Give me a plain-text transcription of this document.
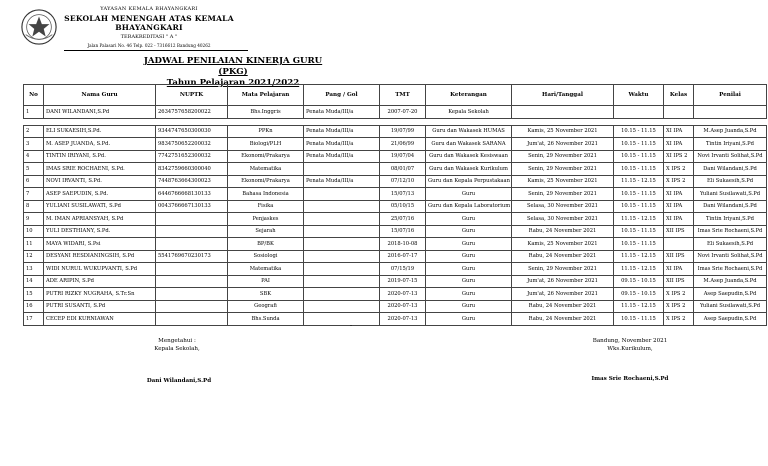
YAYASAN KEMALA BHAYANGKARI
SEKOLAH MENENGAH ATAS KEMALA BHAYANGKARI
TERAKREDITASI " A "
Jalan Palasari No. 46 Telp. 022 - 7316612 Bandung 40262
JADWAL PENILAIAN KINERJA GURU (PKG)
Tahun Pelajaran 2021/2022
No	Nama Guru	NUPTK	Mata Pelajaran	Pang / Gol	TMT	Keterangan	Hari/Tanggal	Waktu	Kelas	Penilai
1	DANI WILANDANI,S.Pd	2634757658200022	Bhs.Inggris	Penata Muda/III/a	2007-07-20	Kepala Sekolah				

2	ELI SUKAESIH,S.Pd.	9344747650300030	PPKn	Penata Muda/III/a	19/07/99	Guru dan Wakasek HUMAS	Kamis, 25 November 2021	10.15 - 11.15	XI IPA	M.Asep Juanda,S.Pd
3	M. ASEP JUANDA, S.Pd.	9834750652200032	Biologi/PLH	Penata Muda/III/a	21/06/99	Guru dan Wakasek SARANA	Jum'at, 26 November 2021	10.15 - 11.15	XI IPA	Tintin Iriyani,S.Pd
4	TINTIN IRIYANI, S.Pd.	7742751652300032	Ekonomi/Prakarya	Penata Muda/III/a	19/07/04	Guru dan Wakasek Kesiswaan	Senin, 29 November 2021	10.15 - 11.15	XI IPS 2	Novi Irvanti Solihat,S.Pd
5	IMAS SRIE ROCHAENI, S.Pd.	8342759660300040	Matematika		08/01/07	Guru dan Wakasek Kurikulum	Senin, 29 November 2021	10.15 - 11.15	X IPS 2	Dani Wilandani,S.Pd
6	NOVI IRVANTI, S.Pd.	7448763664300023	Ekonomi/Prakarya	Penata Muda/III/a	07/12/10	Guru dan Kepala Perpustakaan	Kamis, 25 November 2021	11.15 - 12.15	X IPS 2	Eli Sukaesih,S.Pd
7	ASEP SAEPUDIN, S.Pd.	6446766668130133	Bahasa Indonesia		15/07/13	Guru	Senin, 29 November 2021	10.15 - 11.15	XI IPA	Yuliani Susilawati,S.Pd
8	YULIANI SUSILAWATI, S.Pd	0043766667130133	Fisika		05/10/15	Guru dan Kepala Laboratorium	Selasa, 30 November 2021	10.15 - 11.15	XI IPA	Dani Wilandani,S.Pd
9	M. IMAN APRIANSYAH, S.Pd		Penjaskes		25/07/16	Guru	Selasa, 30 November 2021	11.15 - 12.15	XI IPA	Tintin Iriyani,S.Pd
10	YULI DESTHIANY, S.Pd.		Sejarah		15/07/16	Guru	Rabu, 24 November 2021	10.15 - 11.15	XII IPS	Imas Srie Rochaeni,S.Pd
11	MAYA WIDARI, S.Psi		BP/BK		2018-10-08	Guru	Kamis, 25 November 2021	10.15 - 11.15		Eli Sukaesih,S.Pd
12	DESYANI RESDIANINGSIH, S.Pd	5541769670230173	Sosiologi		2016-07-17	Guru	Rabu, 24 November 2021	11.15 - 12.15	XII IPS	Novi Irvanti Solihat,S.Pd
13	WIDI NURUL WUKUPVANTI, S.Pd		Matematika		07/15/19	Guru	Senin, 29 November 2021	11.15 - 12.15	XI IPA	Imas Srie Rochaeni,S.Pd
14	ADE ARIPIN, S.Pd		PAI		2019-07-15	Guru	Jum'at, 26 November 2021	09.15 - 10.15	XII IPS	M.Asep Juanda,S.Pd
15	PUTRI RIZKY NUGRAHA, S.Tr.Sn		SBK		2020-07-13	Guru	Jum'at, 26 November 2021	09.15 - 10.15	X IPS 2	Asep Saepudin,S.Pd
16	PUTRI SUSANTI, S.Pd		Geografi		2020-07-13	Guru	Rabu, 24 November 2021	11.15 - 12.15	X IPS 2	Yuliani Susilawati,S.Pd
17	CECEP EDI KURNIAWAN		Bhs.Sunda		2020-07-13	Guru	Rabu, 24 November 2021	10.15 - 11.15	X IPS 2	Asep Saepudin,S.Pd
-
Mengetahui :
Kepala Sekolah,
Dani Wilandani,S.Pd
Bandung, November 2021
Wks.Kurikulum,
Imas Srie Rochaeni,S.Pd
